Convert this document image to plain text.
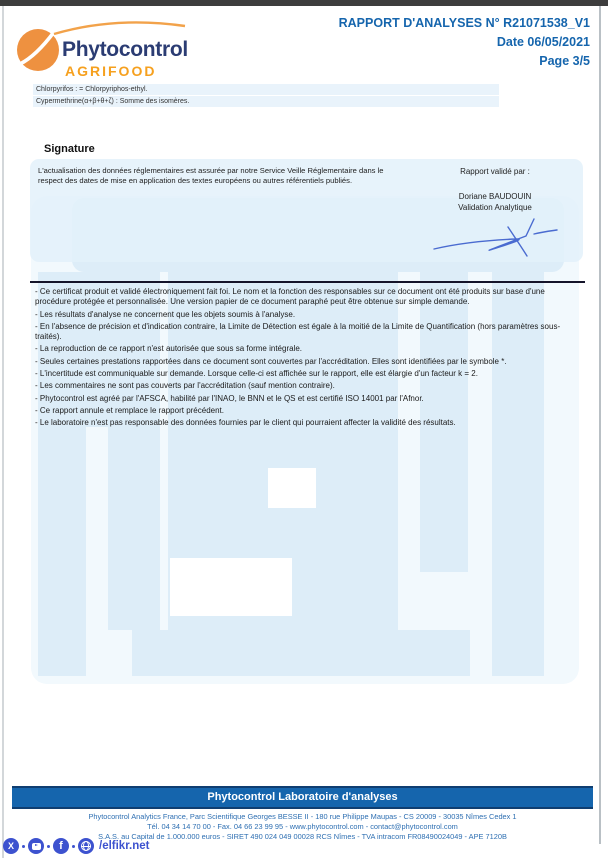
Phytocontrol
AGRIFOOD
RAPPORT D'ANALYSES N° R21071538_V1
Date 06/05/2021
Page 3/5
Chlorpyrifos : = Chlorpyriphos-ethyl.
Cypermethrine(α+β+θ+ζ) : Somme des isomères.
Signature
L'actualisation des données réglementaires est assurée par notre Service Veille Réglementaire dans le respect des dates de mise en application des textes européens ou autres référentiels publiés.
Rapport validé par :
Doriane BAUDOUIN
Validation Analytique
- Ce certificat produit et validé électroniquement fait foi. Le nom et la fonction des responsables sur ce document ont été produits sur base d'une procédure protégée et personnalisée. Une version papier de ce document paraphé peut être obtenue sur simple demande.
- Les résultats d'analyse ne concernent que les objets soumis à l'analyse.
- En l'absence de précision et d'indication contraire, la Limite de Détection est égale à la moitié de la Limite de Quantification (hors paramètres sous-traités).
- La reproduction de ce rapport n'est autorisée que sous sa forme intégrale.
- Seules certaines prestations rapportées dans ce document sont couvertes par l'accréditation. Elles sont identifiées par le symbole *.
- L'incertitude est communiquable sur demande. Lorsque celle-ci est affichée sur le rapport, elle est élargie d'un facteur k = 2.
- Les commentaires ne sont pas couverts par l'accréditation (sauf mention contraire).
- Phytocontrol est agréé par l'AFSCA, habilité par l'INAO, le BNN et le QS et est certifié ISO 14001 par l'Afnor.
- Ce rapport annule et remplace le rapport précédent.
- Le laboratoire n'est pas responsable des données fournies par le client qui pourraient affecter la validité des résultats.
Phytocontrol Laboratoire d'analyses
Phytocontrol Analytics France, Parc Scientifique Georges BESSE II - 180 rue Philippe Maupas - CS 20009 - 30035 Nîmes Cedex 1
Tél. 04 34 14 70 00 - Fax. 04 66 23 99 95 - www.phytocontrol.com - contact@phytocontrol.com
S.A.S. au Capital de 1.000.000 euros - SIRET 490 024 049 00028 RCS Nîmes - TVA intracom FR08490024049 - APE 7120B
X	f	/elfikr.net
